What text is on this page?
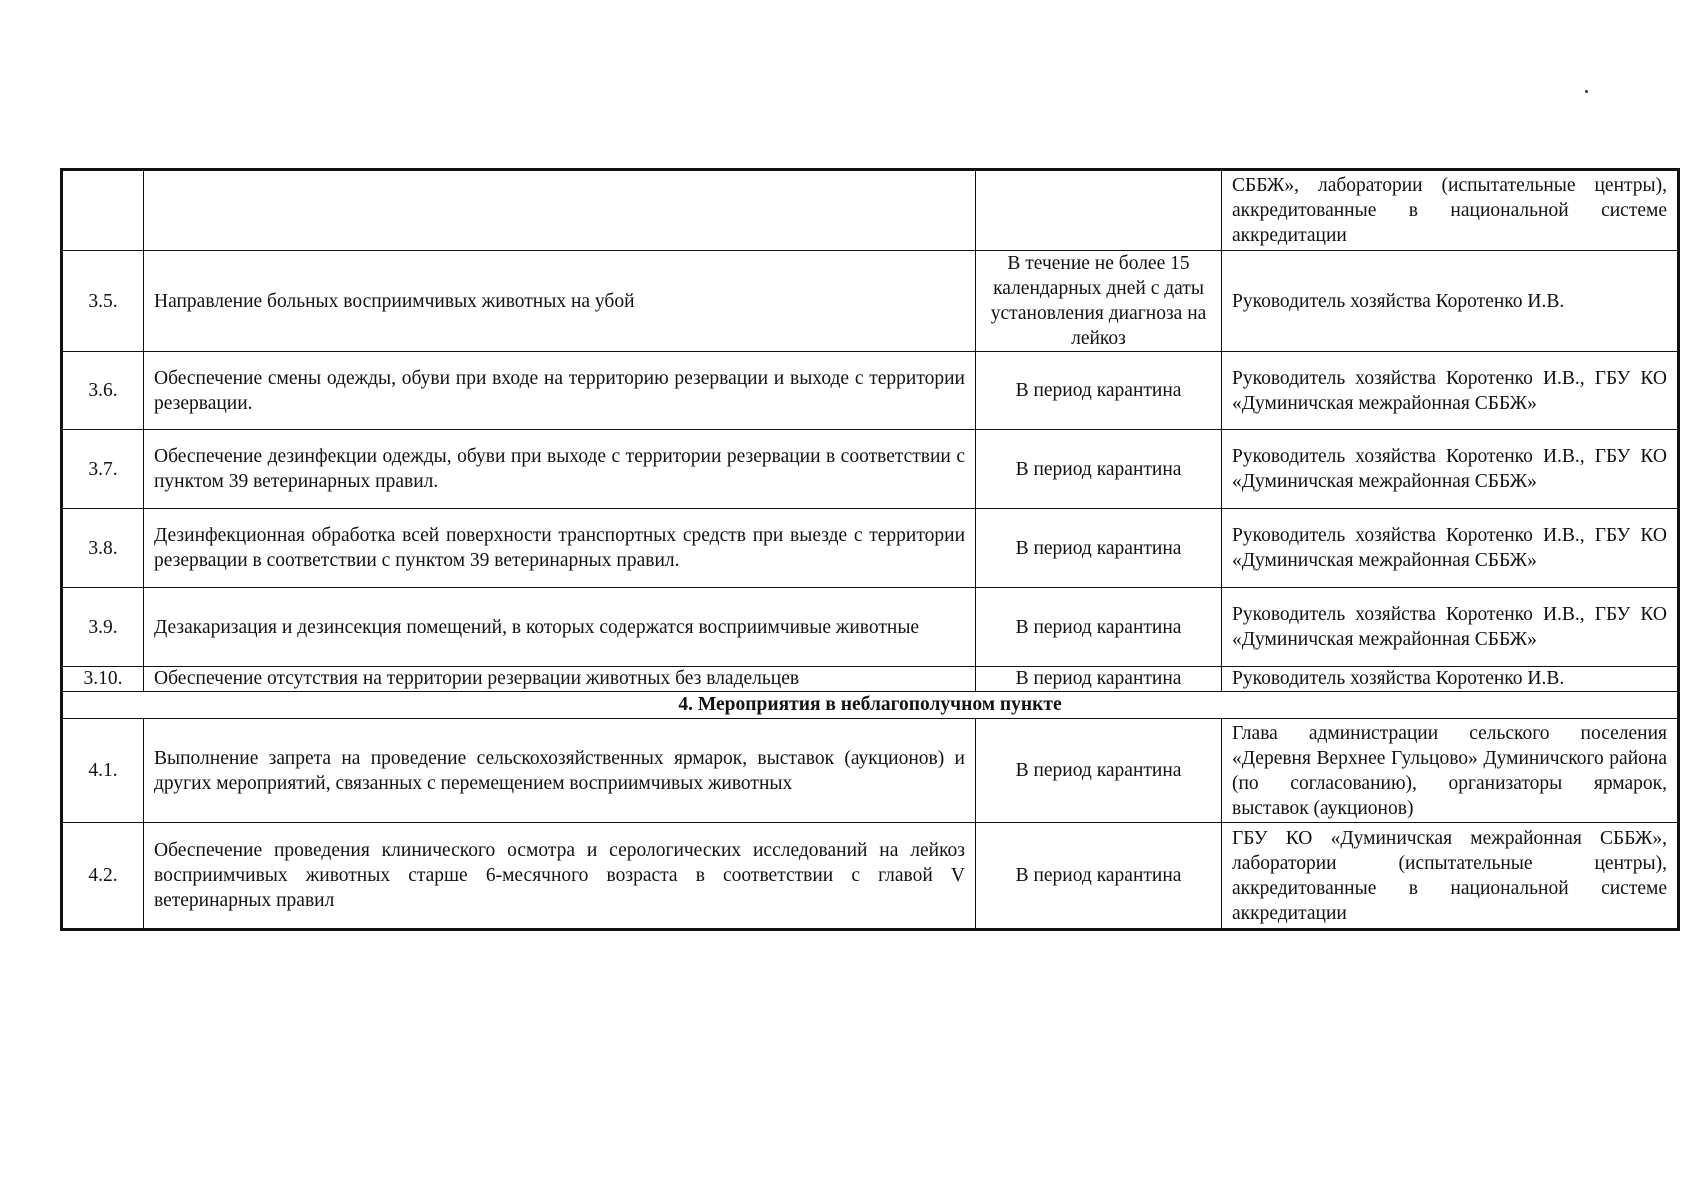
			СББЖ», лаборатории (испытательные центры), аккредитованные в национальной системе аккредитации
3.5.	Направление больных восприимчивых животных на убой	В течение не более 15 календарных дней с даты установления диагноза на лейкоз	Руководитель хозяйства Коротенко И.В.
3.6.	Обеспечение смены одежды, обуви при входе на территорию резервации и выходе с территории резервации.	В период карантина	Руководитель хозяйства Коротенко И.В., ГБУ КО «Думиничская межрайонная СББЖ»
3.7.	Обеспечение дезинфекции одежды, обуви при выходе с территории резервации в соответствии с пунктом 39 ветеринарных правил.	В период карантина	Руководитель хозяйства Коротенко И.В., ГБУ КО «Думиничская межрайонная СББЖ»
3.8.	Дезинфекционная обработка всей поверхности транспортных средств при выезде с территории резервации в соответствии с пунктом 39 ветеринарных правил.	В период карантина	Руководитель хозяйства Коротенко И.В., ГБУ КО «Думиничская межрайонная СББЖ»
3.9.	Дезакаризация и дезинсекция помещений, в которых содержатся восприимчивые животные	В период карантина	Руководитель хозяйства Коротенко И.В., ГБУ КО «Думиничская межрайонная СББЖ»
3.10.	Обеспечение отсутствия на территории резервации животных без владельцев	В период карантина	Руководитель хозяйства Коротенко И.В.
4. Мероприятия в неблагополучном пункте			
4.1.	Выполнение запрета на проведение сельскохозяйственных ярмарок, выставок (аукционов) и других мероприятий, связанных с перемещением восприимчивых животных	В период карантина	Глава администрации сельского поселения «Деревня Верхнее Гульцово» Думиничского района (по согласованию), организаторы ярмарок, выставок (аукционов)
4.2.	Обеспечение проведения клинического осмотра и серологических исследований на лейкоз восприимчивых животных старше 6-месячного возраста в соответствии с главой V ветеринарных правил	В период карантина	ГБУ КО «Думиничская межрайонная СББЖ», лаборатории (испытательные центры), аккредитованные в национальной системе аккредитации
